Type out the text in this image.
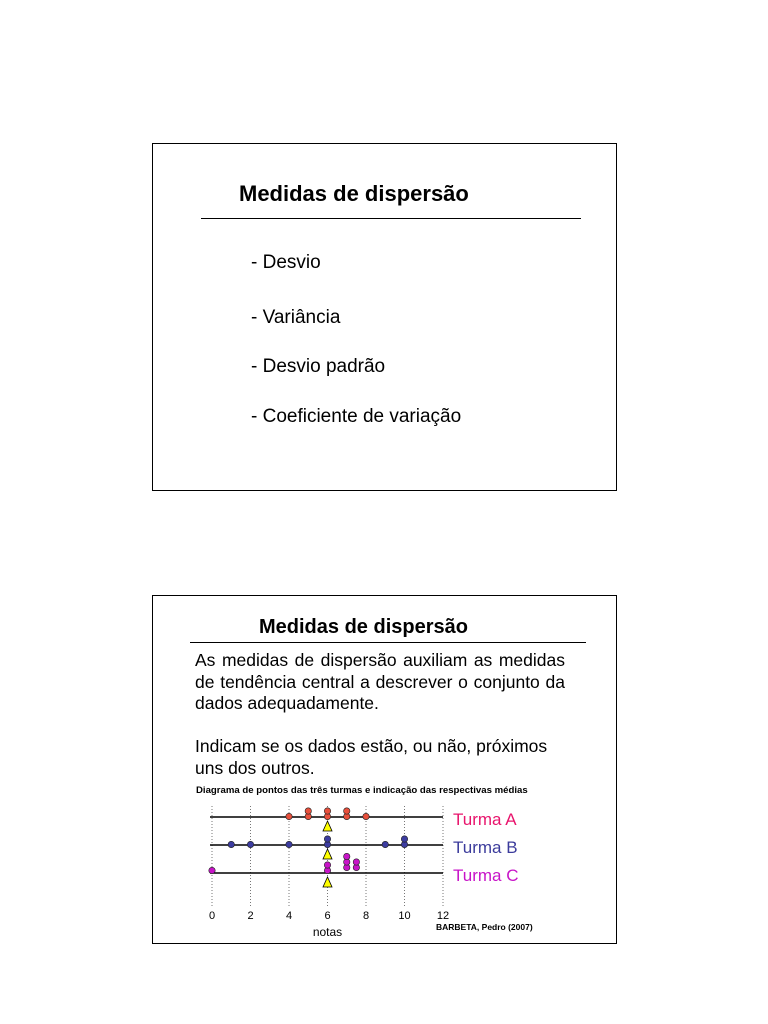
Medidas de dispersão
- Desvio
- Variância
- Desvio padrão
- Coeficiente de variação
Medidas de dispersão
As medidas de dispersão auxiliam as medidas de tendência central a descrever o conjunto da dados adequadamente.
Indicam se os dados estão, ou não, próximos uns dos outros.
Diagrama de pontos das três turmas e indicação das respectivas médias
0	2	4	6	8	10 12
notas
Turma A
Turma B
Turma C
BARBETA, Pedro (2007)
